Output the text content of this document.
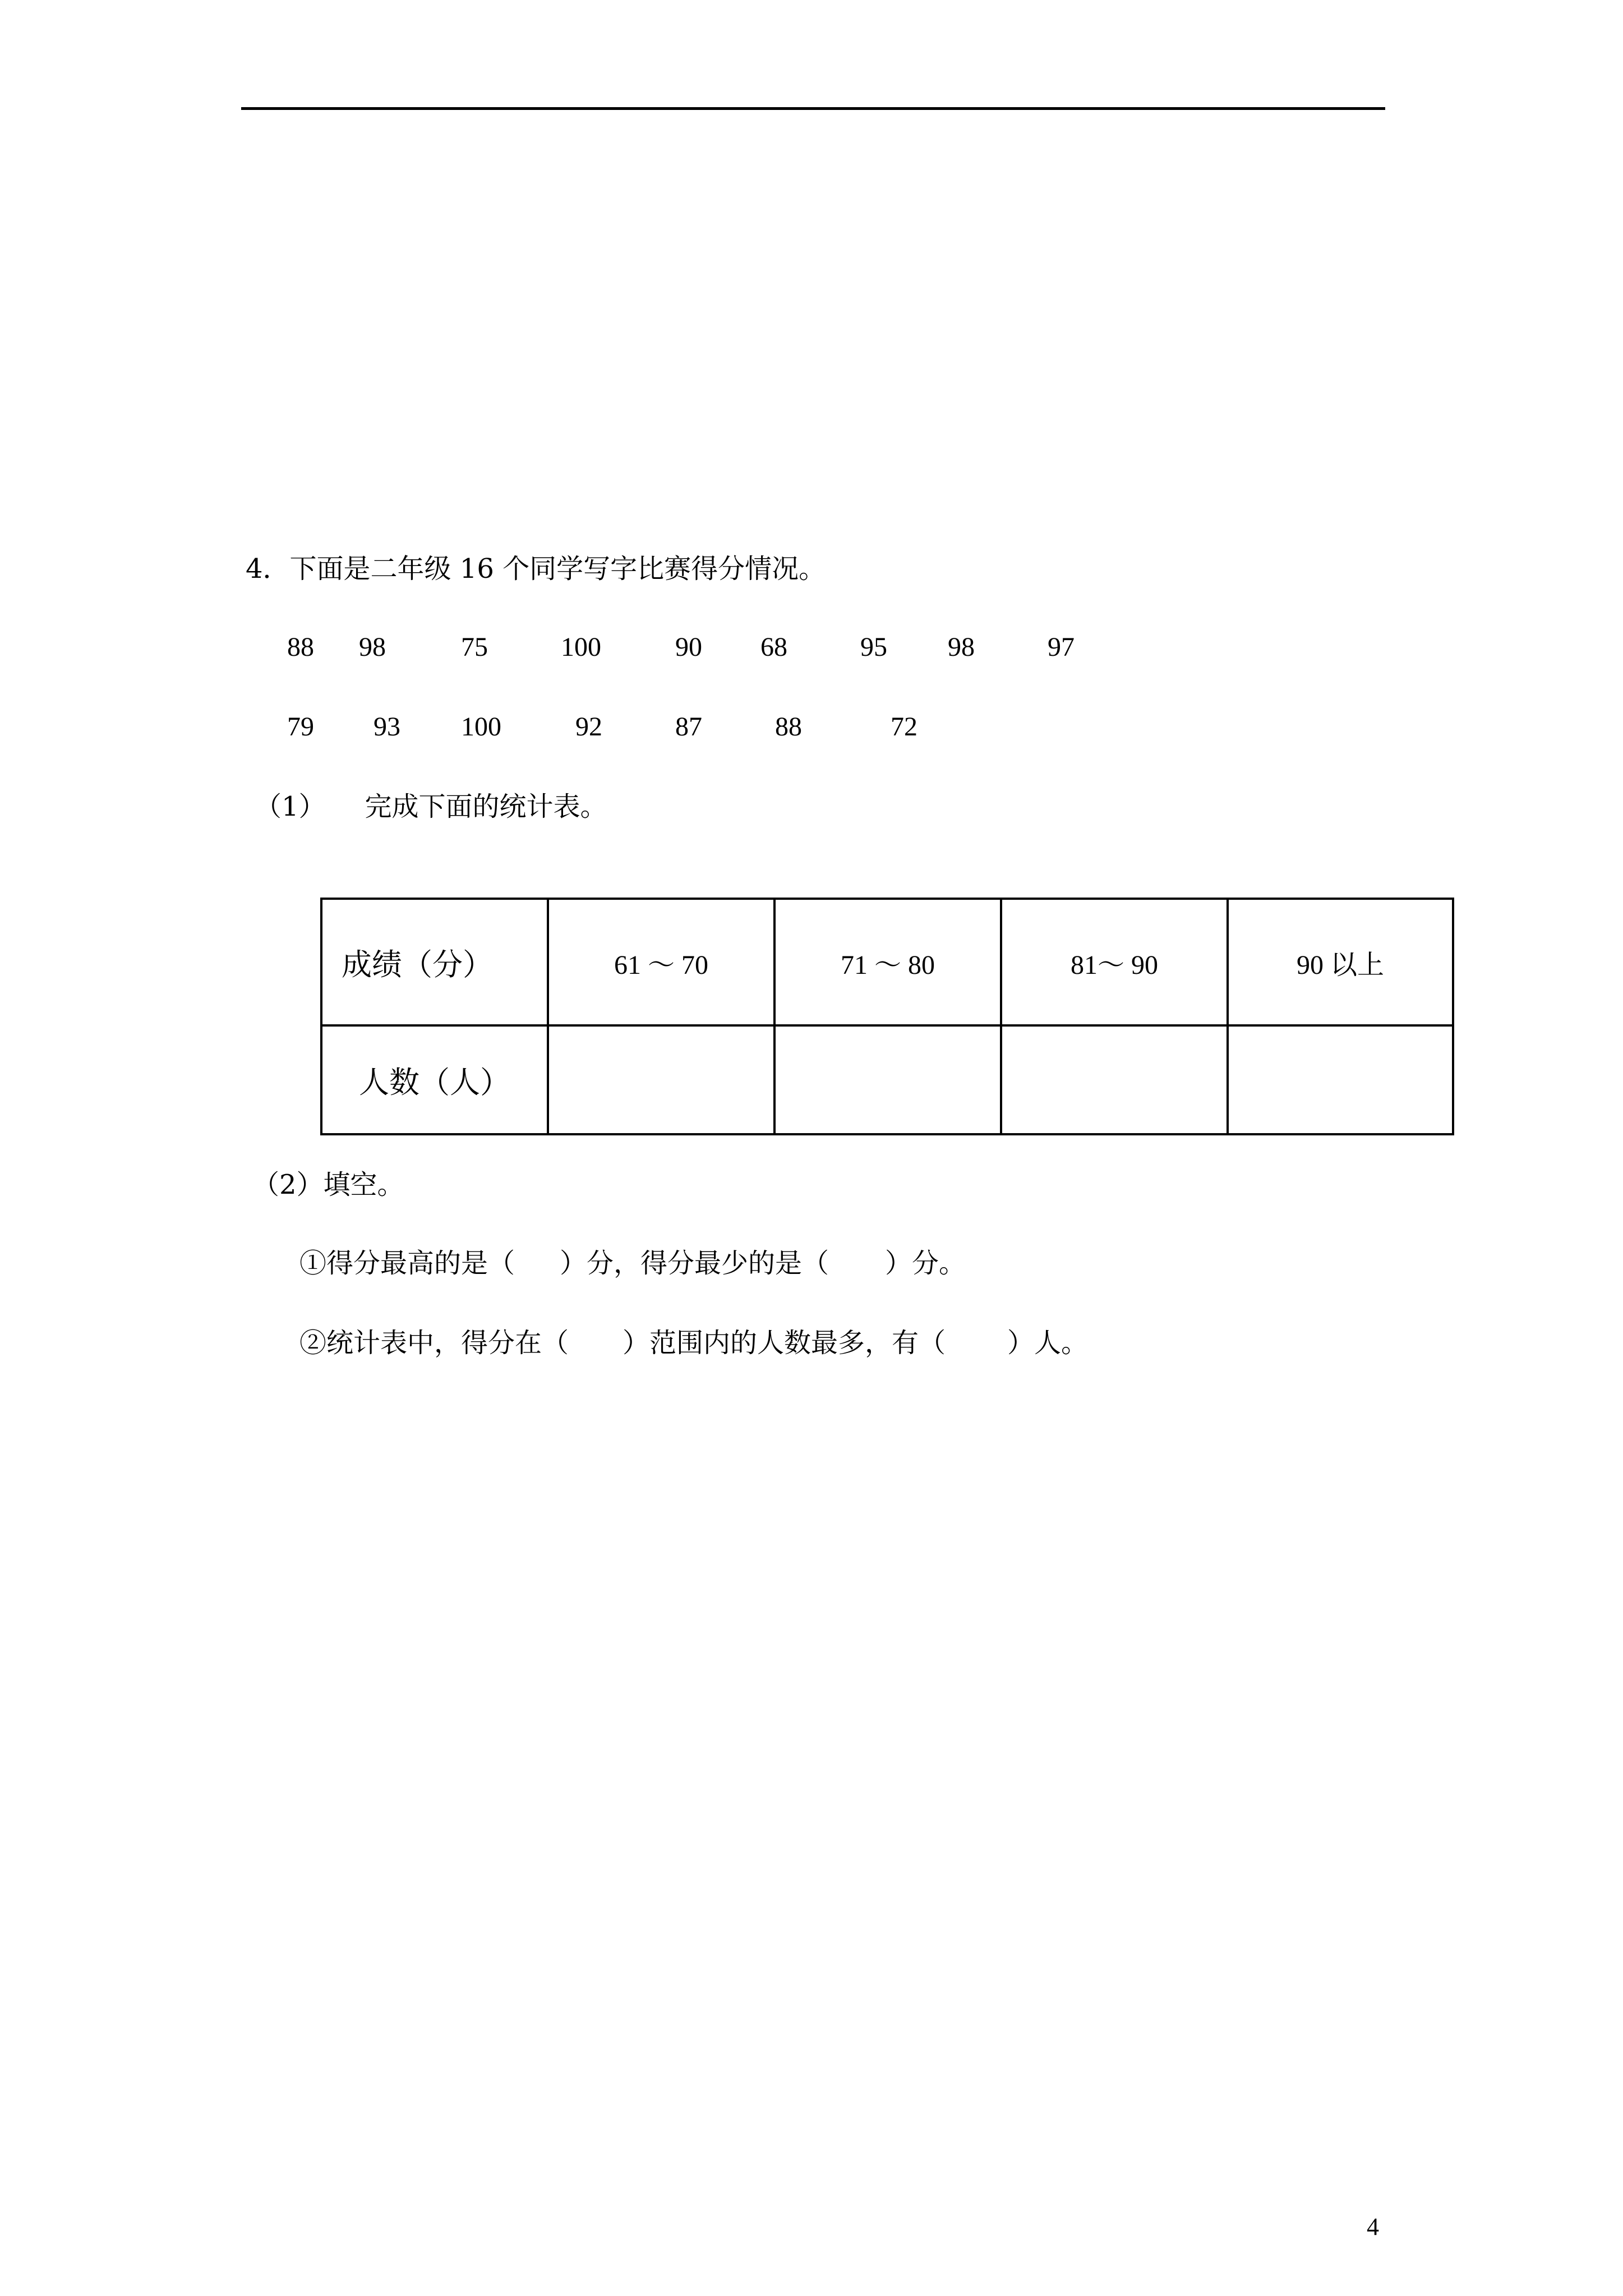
4．下面是二年级 16 个同学写字比赛得分情况。
88 98	75	100	90 68	95 98	97
79 93 100	92	87	88	72
（1） 完成下面的统计表。
成绩（分）	61 ～ 70	71 ～ 80	81～ 90	90 以上
人数（人）				
（2）填空。
①得分最高的是（ ）分，得分最少的是（ ）分。
②统计表中，得分在（ ）范围内的人数最多，有（ ）人。
4
